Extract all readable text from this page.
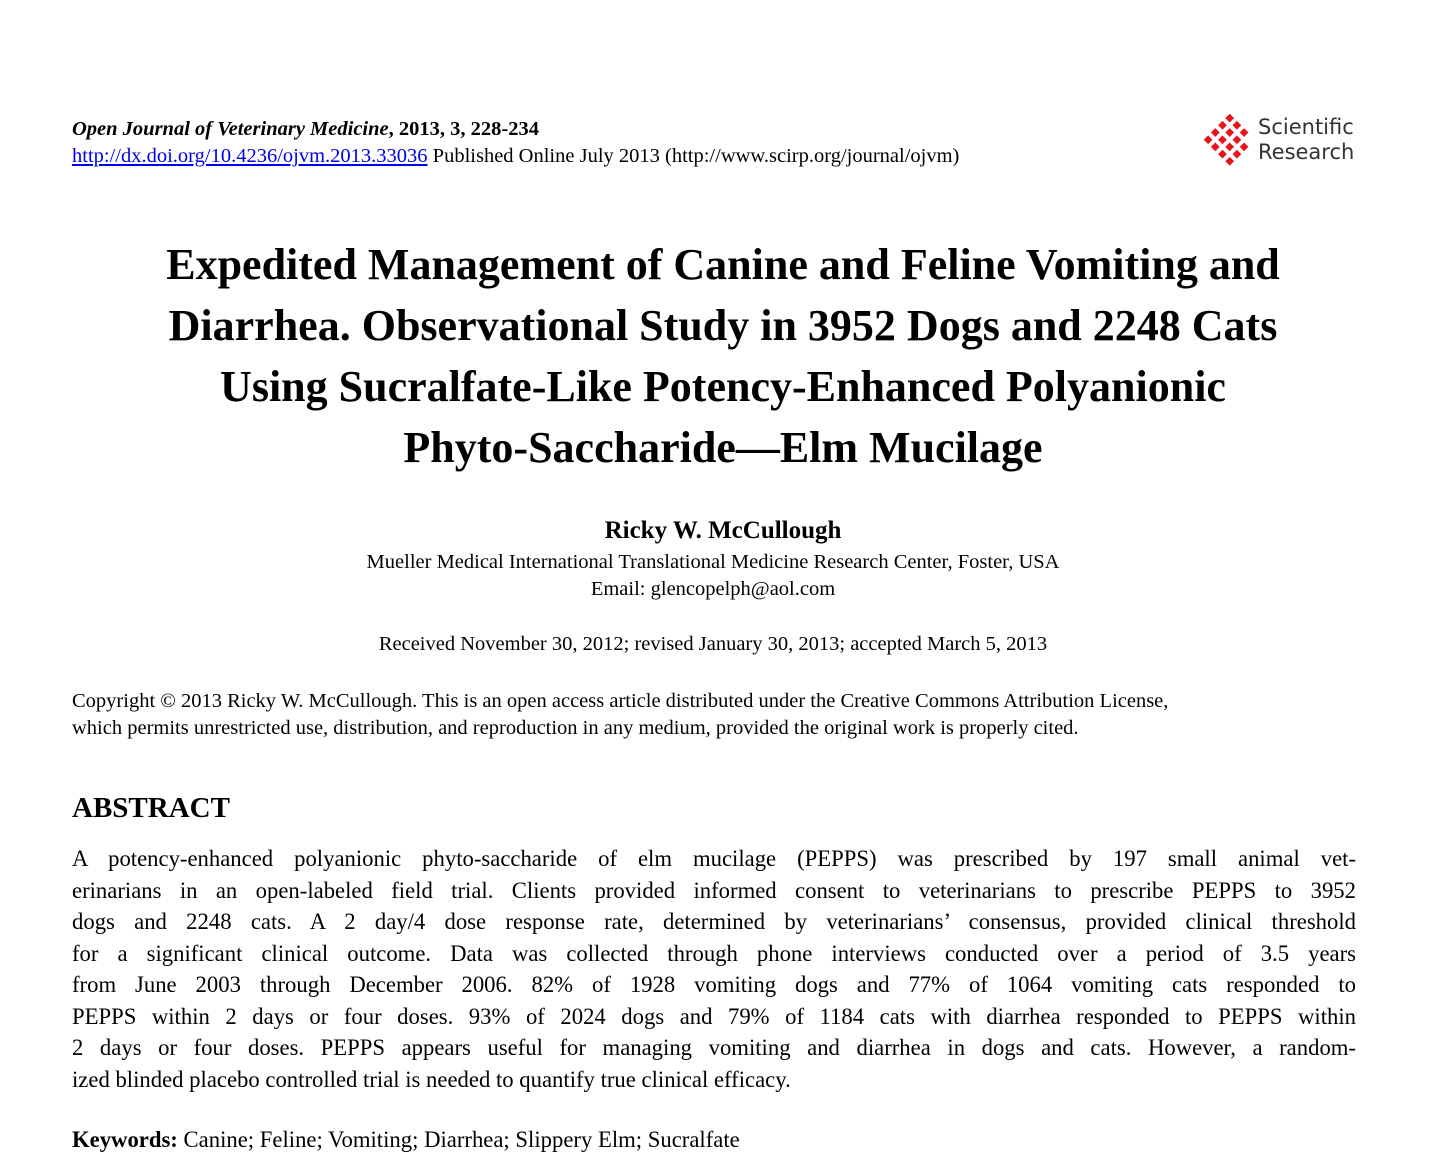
Open Journal of Veterinary Medicine, 2013, 3, 228-234
http://dx.doi.org/10.4236/ojvm.2013.33036 Published Online July 2013 (http://www.scirp.org/journal/ojvm)
Scientific
Research
Expedited Management of Canine and Feline Vomiting and
Diarrhea. Observational Study in 3952 Dogs and 2248 Cats
Using Sucralfate-Like Potency-Enhanced Polyanionic
Phyto-Saccharide—Elm Mucilage
Ricky W. McCullough
Mueller Medical International Translational Medicine Research Center, Foster, USA
Email: glencopelph@aol.com
Received November 30, 2012; revised January 30, 2013; accepted March 5, 2013
Copyright © 2013 Ricky W. McCullough. This is an open access article distributed under the Creative Commons Attribution License,
which permits unrestricted use, distribution, and reproduction in any medium, provided the original work is properly cited.
ABSTRACT
A potency-enhanced polyanionic phyto-saccharide of elm mucilage (PEPPS) was prescribed by 197 small animal vet-
erinarians in an open-labeled field trial. Clients provided informed consent to veterinarians to prescribe PEPPS to 3952
dogs and 2248 cats. A 2 day/4 dose response rate, determined by veterinarians’ consensus, provided clinical threshold
for a significant clinical outcome. Data was collected through phone interviews conducted over a period of 3.5 years
from June 2003 through December 2006. 82% of 1928 vomiting dogs and 77% of 1064 vomiting cats responded to
PEPPS within 2 days or four doses. 93% of 2024 dogs and 79% of 1184 cats with diarrhea responded to PEPPS within
2 days or four doses. PEPPS appears useful for managing vomiting and diarrhea in dogs and cats. However, a random-
ized blinded placebo controlled trial is needed to quantify true clinical efficacy.
Keywords: Canine; Feline; Vomiting; Diarrhea; Slippery Elm; Sucralfate
